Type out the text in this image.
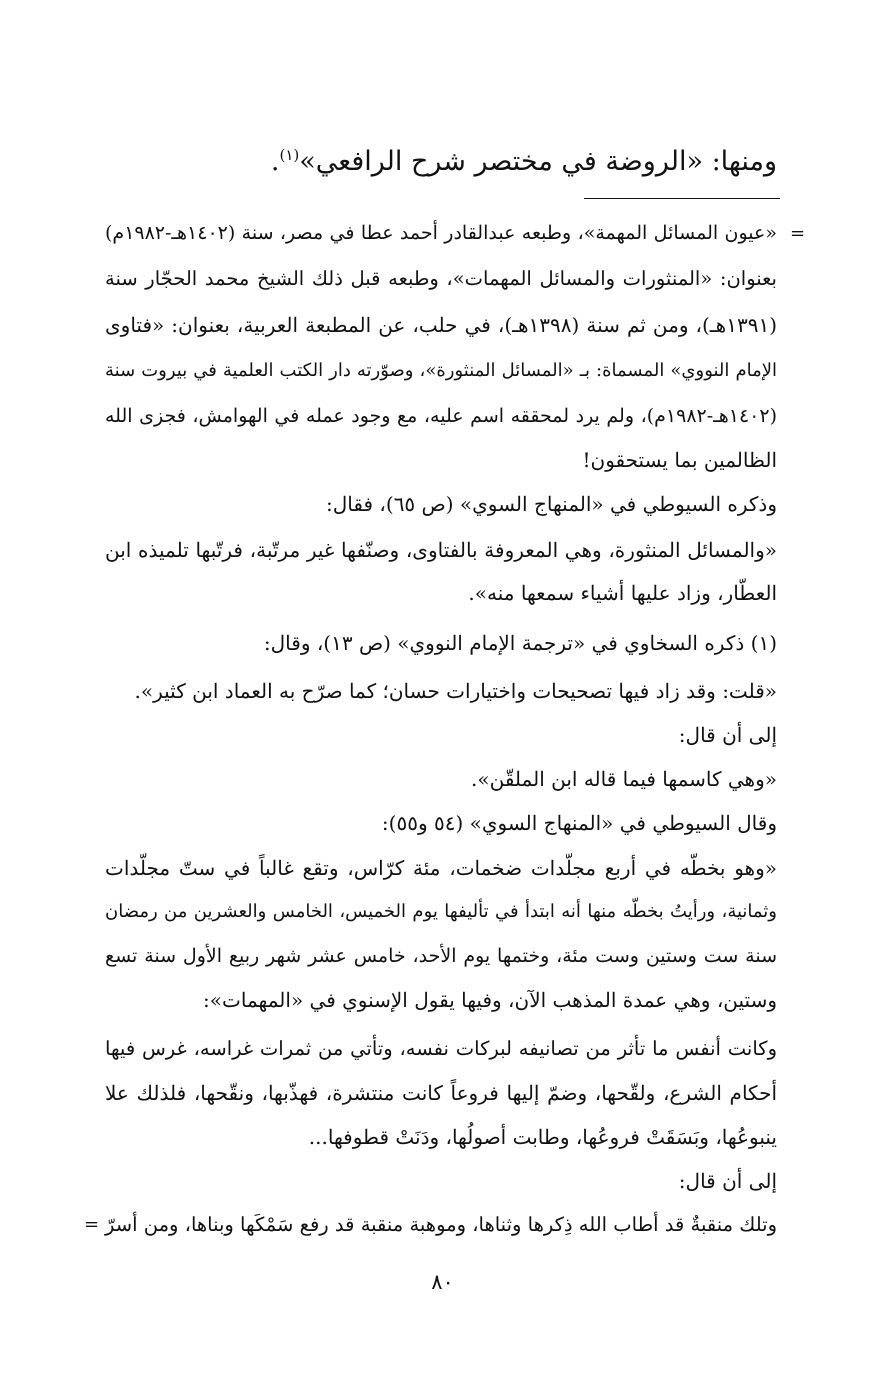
ومنها: «الروضة في مختصر شرح الرافعي»$^{(١)}$.
=
«عيون المسائل المهمة»، وطبعه عبدالقادر أحمد عطا في مصر، سنة (١٤٠٢هـ-١٩٨٢م)
بعنوان: «المنثورات والمسائل المهمات»، وطبعه قبل ذلك الشيخ محمد الحجّار سنة
(١٣٩١هـ)، ومن ثم سنة (١٣٩٨هـ)، في حلب، عن المطبعة العربية، بعنوان: «فتاوى
الإمام النووي» المسماة: بـ «المسائل المنثورة»، وصوّرته دار الكتب العلمية في بيروت سنة
(١٤٠٢هـ-١٩٨٢م)، ولم يرد لمحققه اسم عليه، مع وجود عمله في الهوامش، فجزى الله
الظالمين بما يستحقون!
وذكره السيوطي في «المنهاج السوي» (ص ٦٥)، فقال:
«والمسائل المنثورة، وهي المعروفة بالفتاوى، وصنّفها غير مرتّبة، فرتّبها تلميذه ابن
العطّار، وزاد عليها أشياء سمعها منه».
(١) ذكره السخاوي في «ترجمة الإمام النووي» (ص ١٣)، وقال:
«قلت: وقد زاد فيها تصحيحات واختيارات حسان؛ كما صرّح به العماد ابن كثير».
إلى أن قال:
«وهي كاسمها فيما قاله ابن الملقّن».
وقال السيوطي في «المنهاج السوي» (٥٤ و٥٥):
«وهو بخطّه في أربع مجلّدات ضخمات، مئة كرّاس، وتقع غالباً في ستّ مجلّدات
وثمانية، ورأيتُ بخطّه منها أنه ابتدأ في تأليفها يوم الخميس، الخامس والعشرين من رمضان
سنة ست وستين وست مئة، وختمها يوم الأحد، خامس عشر شهر ربيع الأول سنة تسع
وستين، وهي عمدة المذهب الآن، وفيها يقول الإسنوي في «المهمات»:
وكانت أنفس ما تأثر من تصانيفه لبركات نفسه، وتأتي من ثمرات غراسه، غرس فيها
أحكام الشرع، ولقّحها، وضمّ إليها فروعاً كانت منتشرة، فهذّبها، ونقّحها، فلذلك علا
ينبوعُها، وبَسَقَتْ فروعُها، وطابت أصولُها، ودَنَتْ قطوفها...
إلى أن قال:
وتلك منقبةٌ قد أطاب الله ذِكرها وثناها، وموهبة منقبة قد رفع سَمْكَها وبناها، ومن أسرّ
=
٨٠
